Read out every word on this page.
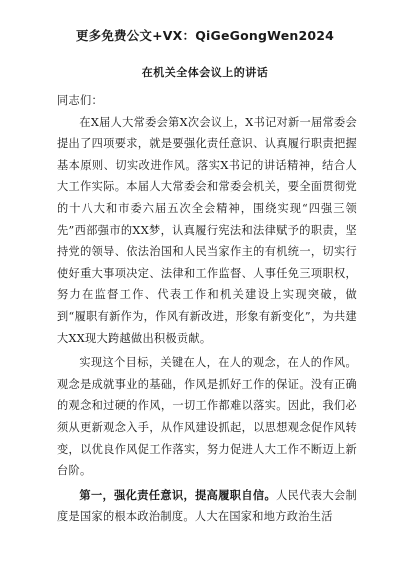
更多免费公文+VX：QiGeGongWen2024
在机关全体会议上的讲话

同志们：

在X届人大常委会第X次会议上，X书记对新一届常委会提出了四项要求，就是要强化责任意识、认真履行职责把握基本原则、切实改进作风。落实X书记的讲话精神，结合人大工作实际。本届人大常委会和常委会机关，要全面贯彻党的十八大和市委六届五次全会精神，围绕实现“四强三领先”西部强市的XX梦，认真履行宪法和法律赋予的职责，坚持党的领导、依法治国和人民当家作主的有机统一，切实行使好重大事项决定、法律和工作监督、人事任免三项职权，努力在监督工作、代表工作和机关建设上实现突破，做到“履职有新作为，作风有新改进，形象有新变化”，为共建大XX现大跨越做出积极贡献。

实现这个目标，关键在人，在人的观念，在人的作风。观念是成就事业的基础，作风是抓好工作的保证。没有正确的观念和过硬的作风，一切工作都难以落实。因此，我们必须从更新观念入手，从作风建设抓起，以思想观念促作风转变，以优良作风促工作落实，努力促进人大工作不断迈上新台阶。

第一，强化责任意识，提高履职自信。人民代表大会制度是国家的根本政治制度。人大在国家和地方政治生活
